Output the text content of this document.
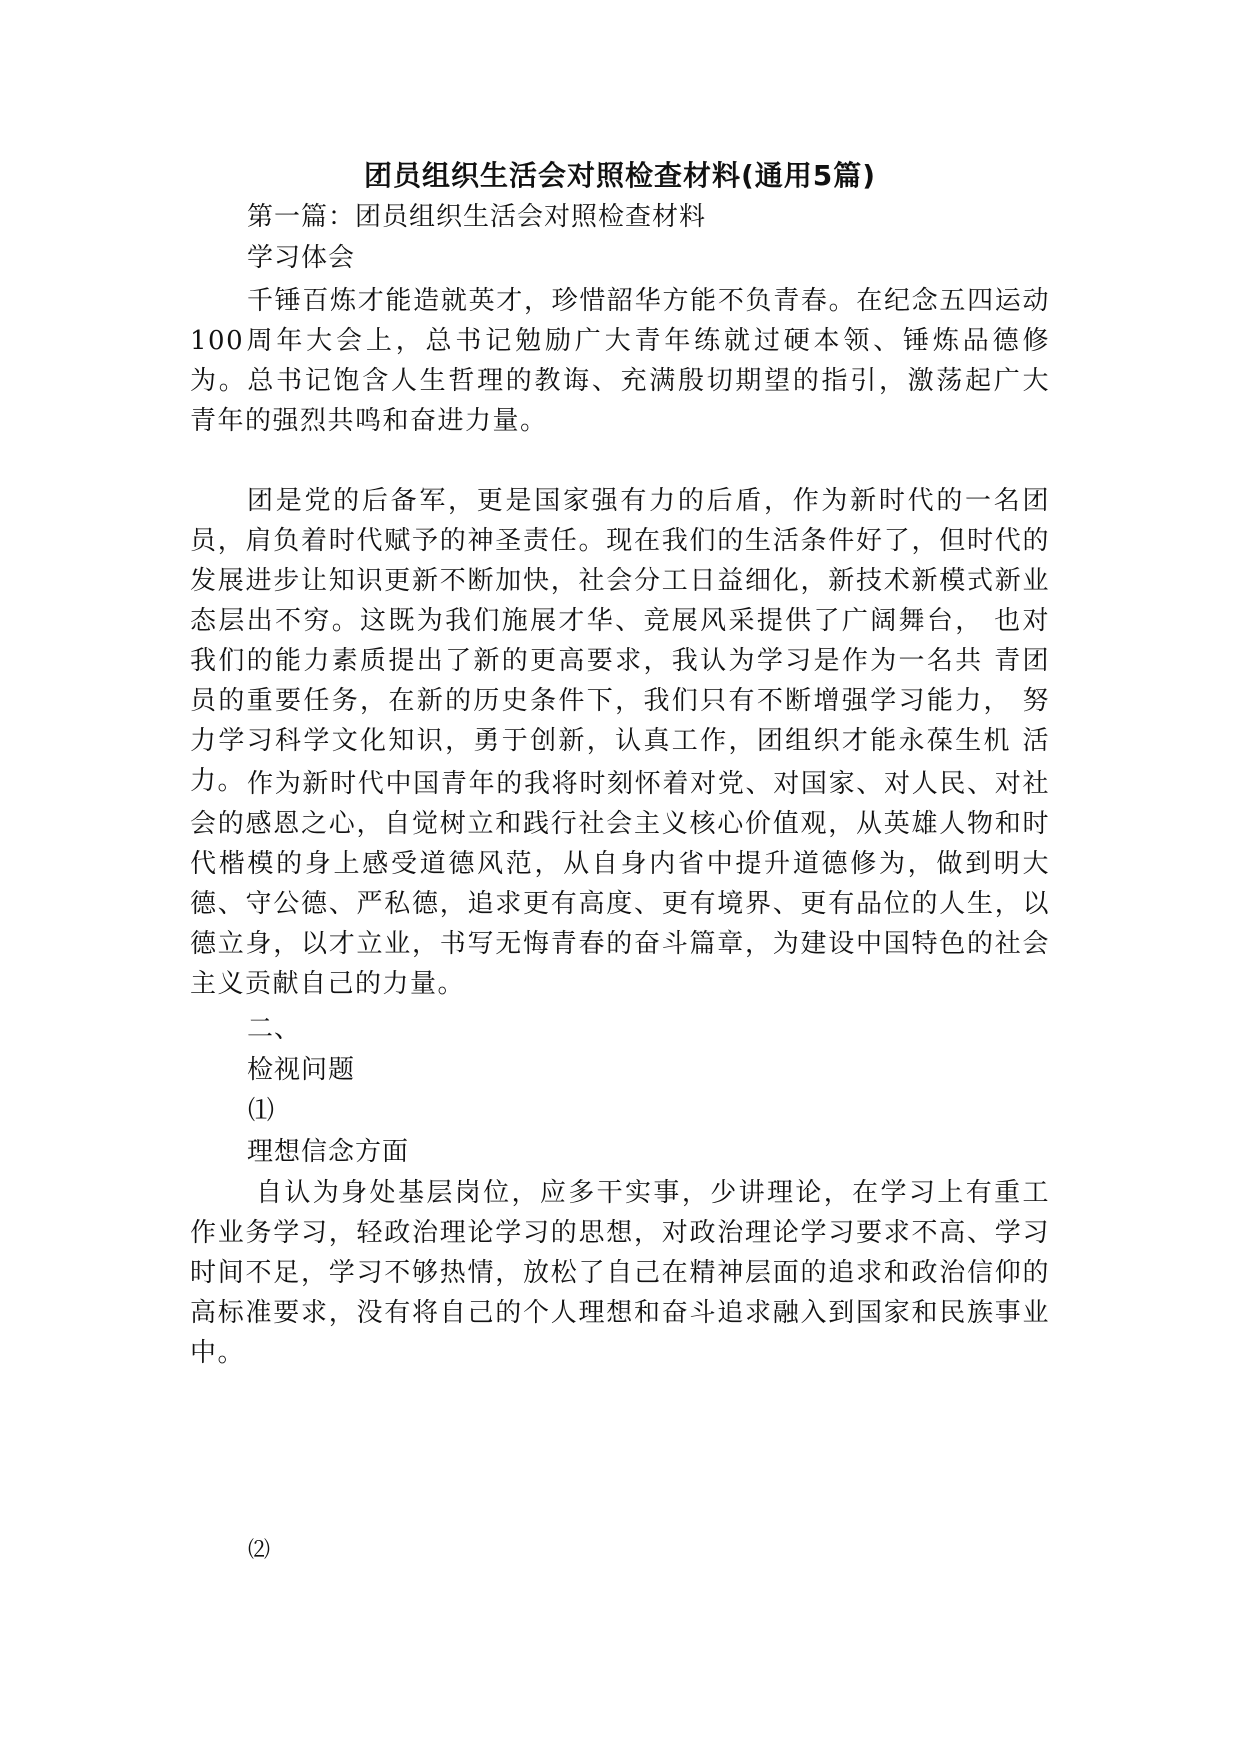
团员组织生活会对照检查材料(通用5篇)
第一篇：团员组织生活会对照检查材料
学习体会
千锤百炼才能造就英才，珍惜韶华方能不负青春。在纪念五四运动100周年大会上，总书记勉励广大青年练就过硬本领、锤炼品德修 为。总书记饱含人生哲理的教诲、充满殷切期望的指引，激荡起广大 青年的强烈共鸣和奋进力量。
团是党的后备军，更是国家强有力的后盾，作为新时代的一名团员，肩负着时代赋予的神圣责任。现在我们的生活条件好了，但时代的发展进步让知识更新不断加快，社会分工日益细化，新技术新模式新业态层出不穷。这既为我们施展才华、竞展风采提供了广阔舞台， 也对我们的能力素质提出了新的更高要求，我认为学习是作为一名共 青团员的重要任务，在新的历史条件下，我们只有不断增强学习能力， 努力学习科学文化知识，勇于创新，认真工作，团组织才能永葆生机 活力。 作为新时代中国青年的我将时刻怀着对党、对国家、对人民、对社会的感恩之心，自觉树立和践行社会主义核心价值观，从英雄人物和时代楷模的身上感受道德风范，从自身内省中提升道德修为，做到明大德、守公德、严私德，追求更有高度、更有境界、更有品位的人生，以德立身，以才立业，书写无悔青春的奋斗篇章，为建设中国特色的社会主义贡献自己的力量。
二、
检视问题
⑴
理想信念方面
自认为身处基层岗位，应多干实事，少讲理论，在学习上有重工作业务学习，轻政治理论学习的思想，对政治理论学习要求不高、学习时间不足，学习不够热情，放松了自己在精神层面的追求和政治信仰的高标准要求，没有将自己的个人理想和奋斗追求融入到国家和民族事业中。
⑵
